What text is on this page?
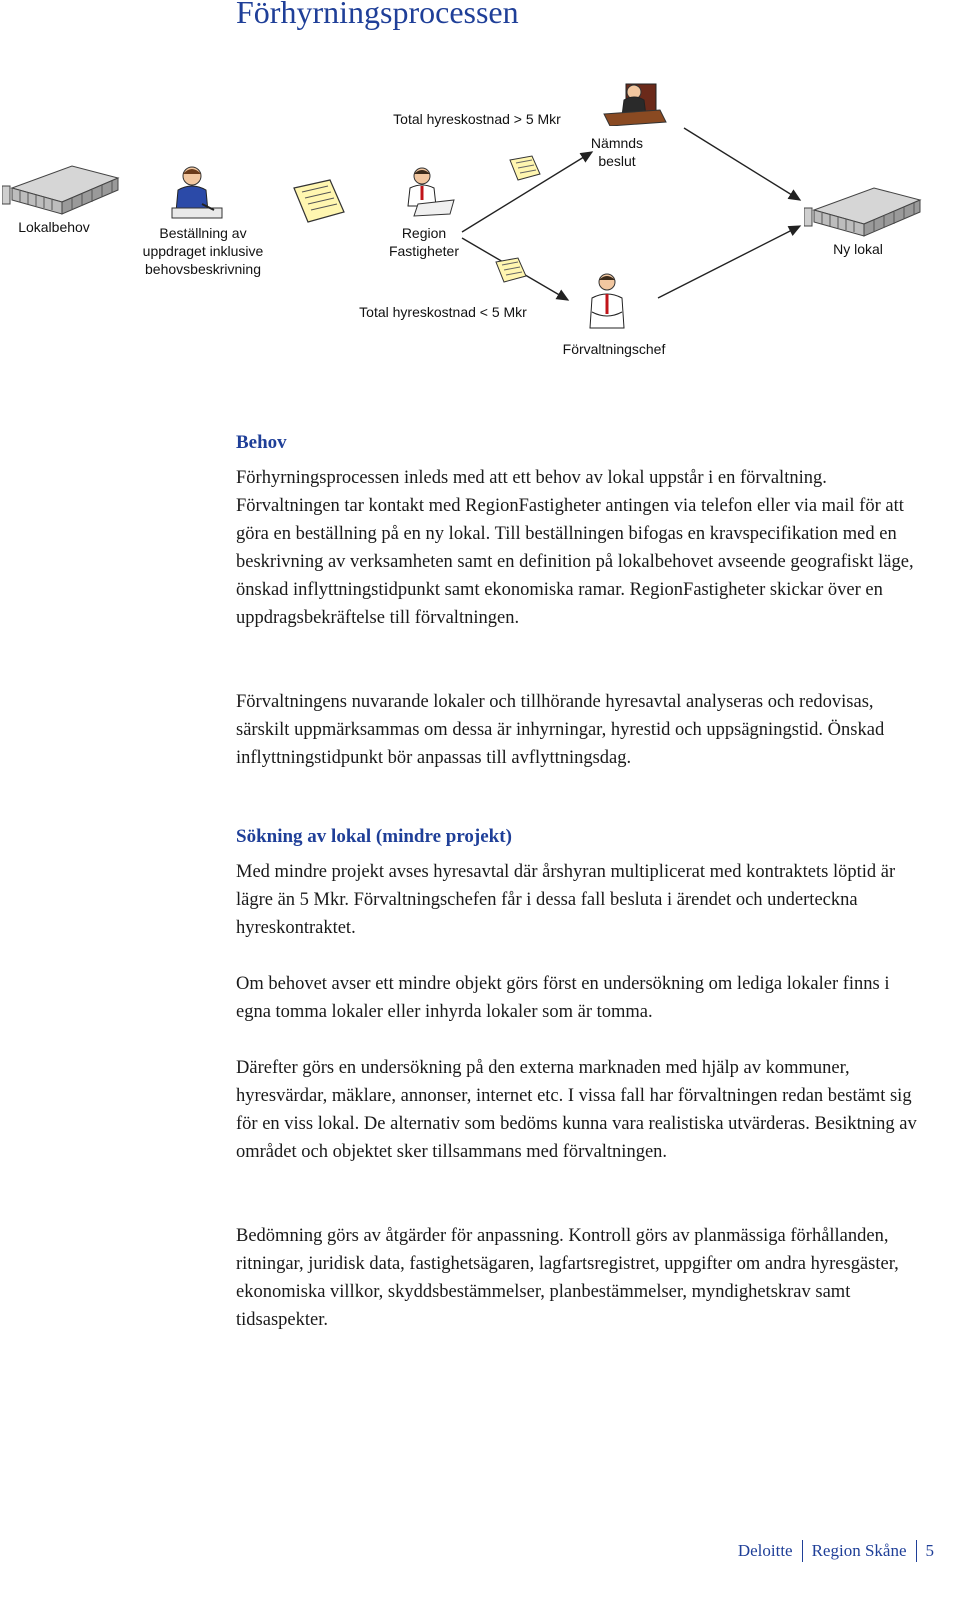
Förhyrningsprocessen
Lokalbehov	Beställning av
uppdraget inklusive
behovsbeskrivning
Region
Fastigheter
Total hyreskostnad > 5 Mkr
Total hyreskostnad < 5 Mkr
Nämnds
beslut
Förvaltningschef
Ny lokal
Behov

Förhyrningsprocessen inleds med att ett behov av lokal uppstår i en förvaltning. Förvaltningen tar kontakt med RegionFastigheter antingen via telefon eller via mail för att göra en beställning på en ny lokal. Till beställningen bifogas en kravspecifikation med en beskrivning av verksamheten samt en definition på lokalbehovet avseende geografiskt läge, önskad inflyttningstidpunkt samt ekonomiska ramar. RegionFastigheter skickar över en uppdragsbekräftelse till förvaltningen.

Förvaltningens nuvarande lokaler och tillhörande hyresavtal analyseras och redovisas, särskilt uppmärksammas om dessa är inhyrningar, hyrestid och uppsägningstid. Önskad inflyttningstidpunkt bör anpassas till avflyttningsdag.

Sökning av lokal (mindre projekt)

Med mindre projekt avses hyresavtal där årshyran multiplicerat med kontraktets löptid är lägre än 5 Mkr. Förvaltningschefen får i dessa fall besluta i ärendet och underteckna hyreskontraktet.

Om behovet avser ett mindre objekt görs först en undersökning om lediga lokaler finns i egna tomma lokaler eller inhyrda lokaler som är tomma.

Därefter görs en undersökning på den externa marknaden med hjälp av kommuner, hyresvärdar, mäklare, annonser, internet etc. I vissa fall har förvaltningen redan bestämt sig för en viss lokal. De alternativ som bedöms kunna vara realistiska utvärderas. Besiktning av området och objektet sker tillsammans med förvaltningen.

Bedömning görs av åtgärder för anpassning. Kontroll görs av planmässiga förhållanden, ritningar, juridisk data, fastighetsägaren, lagfartsregistret, uppgifter om andra hyresgäster, ekonomiska villkor, skyddsbestämmelser, planbestämmelser, myndighetskrav samt tidsaspekter.

Deloitte Region Skåne 5
